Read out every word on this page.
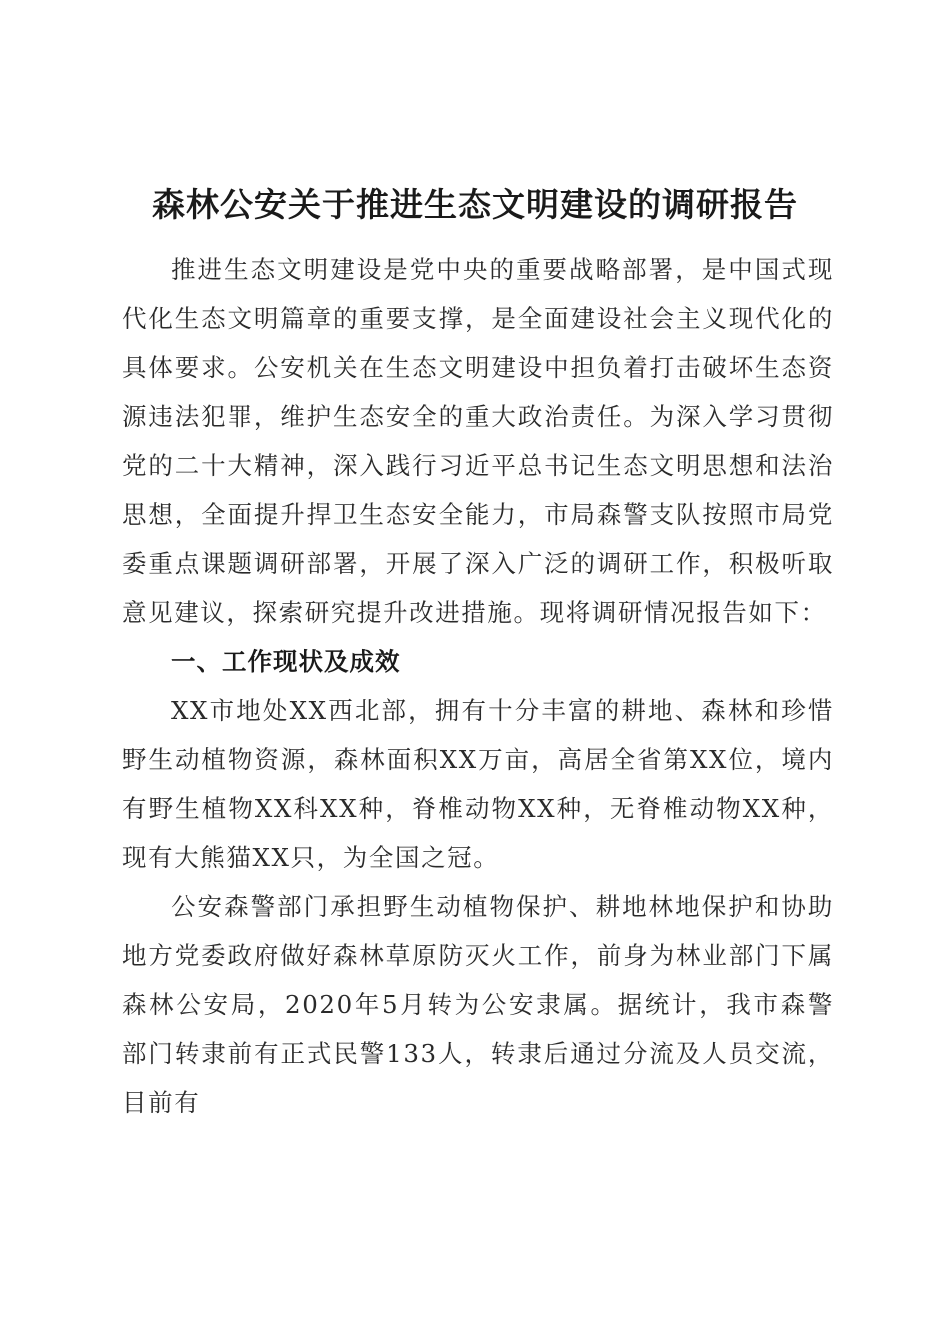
森林公安关于推进生态文明建设的调研报告

推进生态文明建设是党中央的重要战略部署，是中国式现代化生态文明篇章的重要支撑，是全面建设社会主义现代化的具体要求。公安机关在生态文明建设中担负着打击破坏生态资源违法犯罪，维护生态安全的重大政治责任。为深入学习贯彻党的二十大精神，深入践行习近平总书记生态文明思想和法治思想，全面提升捍卫生态安全能力，市局森警支队按照市局党委重点课题调研部署，开展了深入广泛的调研工作，积极听取意见建议，探索研究提升改进措施。现将调研情况报告如下：

一、工作现状及成效

XX市地处XX西北部，拥有十分丰富的耕地、森林和珍惜野生动植物资源，森林面积XX万亩，高居全省第XX位，境内有野生植物XX科XX种，脊椎动物XX种，无脊椎动物XX种，现有大熊猫XX只，为全国之冠。

公安森警部门承担野生动植物保护、耕地林地保护和协助地方党委政府做好森林草原防灭火工作，前身为林业部门下属森林公安局，2020年5月转为公安隶属。据统计，我市森警部门转隶前有正式民警133人，转隶后通过分流及人员交流，目前有
